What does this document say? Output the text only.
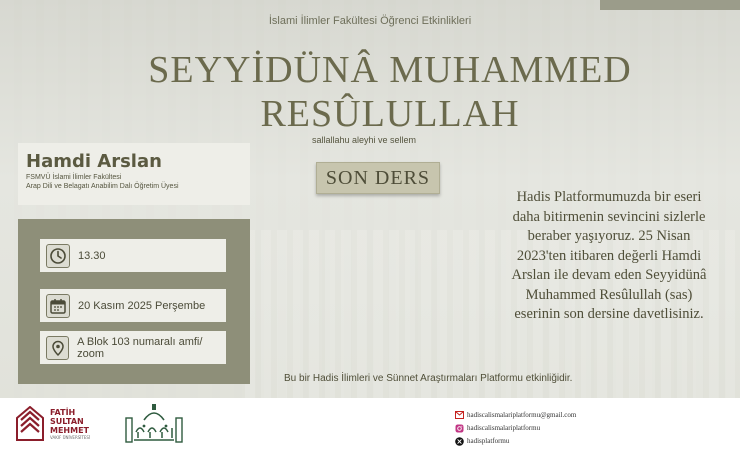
İslami İlimler Fakültesi Öğrenci Etkinlikleri
SEYYİDÜNÂ MUHAMMED
RESÛLULLAH
sallallahu aleyhi ve sellem
SON DERS
Hamdi Arslan
FSMVÜ İslami İlimler Fakültesi
Arap Dili ve Belagatı Anabilim Dalı Öğretim Üyesi
13.30
20 Kasım 2025 Perşembe
A Blok 103 numaralı amfi/ zoom
Hadis Platformumuzda bir eseri
daha bitirmenin sevincini sizlerle
beraber yaşıyoruz. 25 Nisan
2023'ten itibaren değerli Hamdi
Arslan ile devam eden Seyyidünâ
Muhammed Resûlullah (sas)
eserinin son dersine davetlisiniz.
Bu bir Hadis İlimleri ve Sünnet Araştırmaları Platformu etkinliğidir.
FATİH
SULTAN
MEHMET
VAKIF ÜNİVERSİTESİ
hadiscalismalariplatformu@gmail.com
hadiscalismalariplatformu
hadisplatformu
